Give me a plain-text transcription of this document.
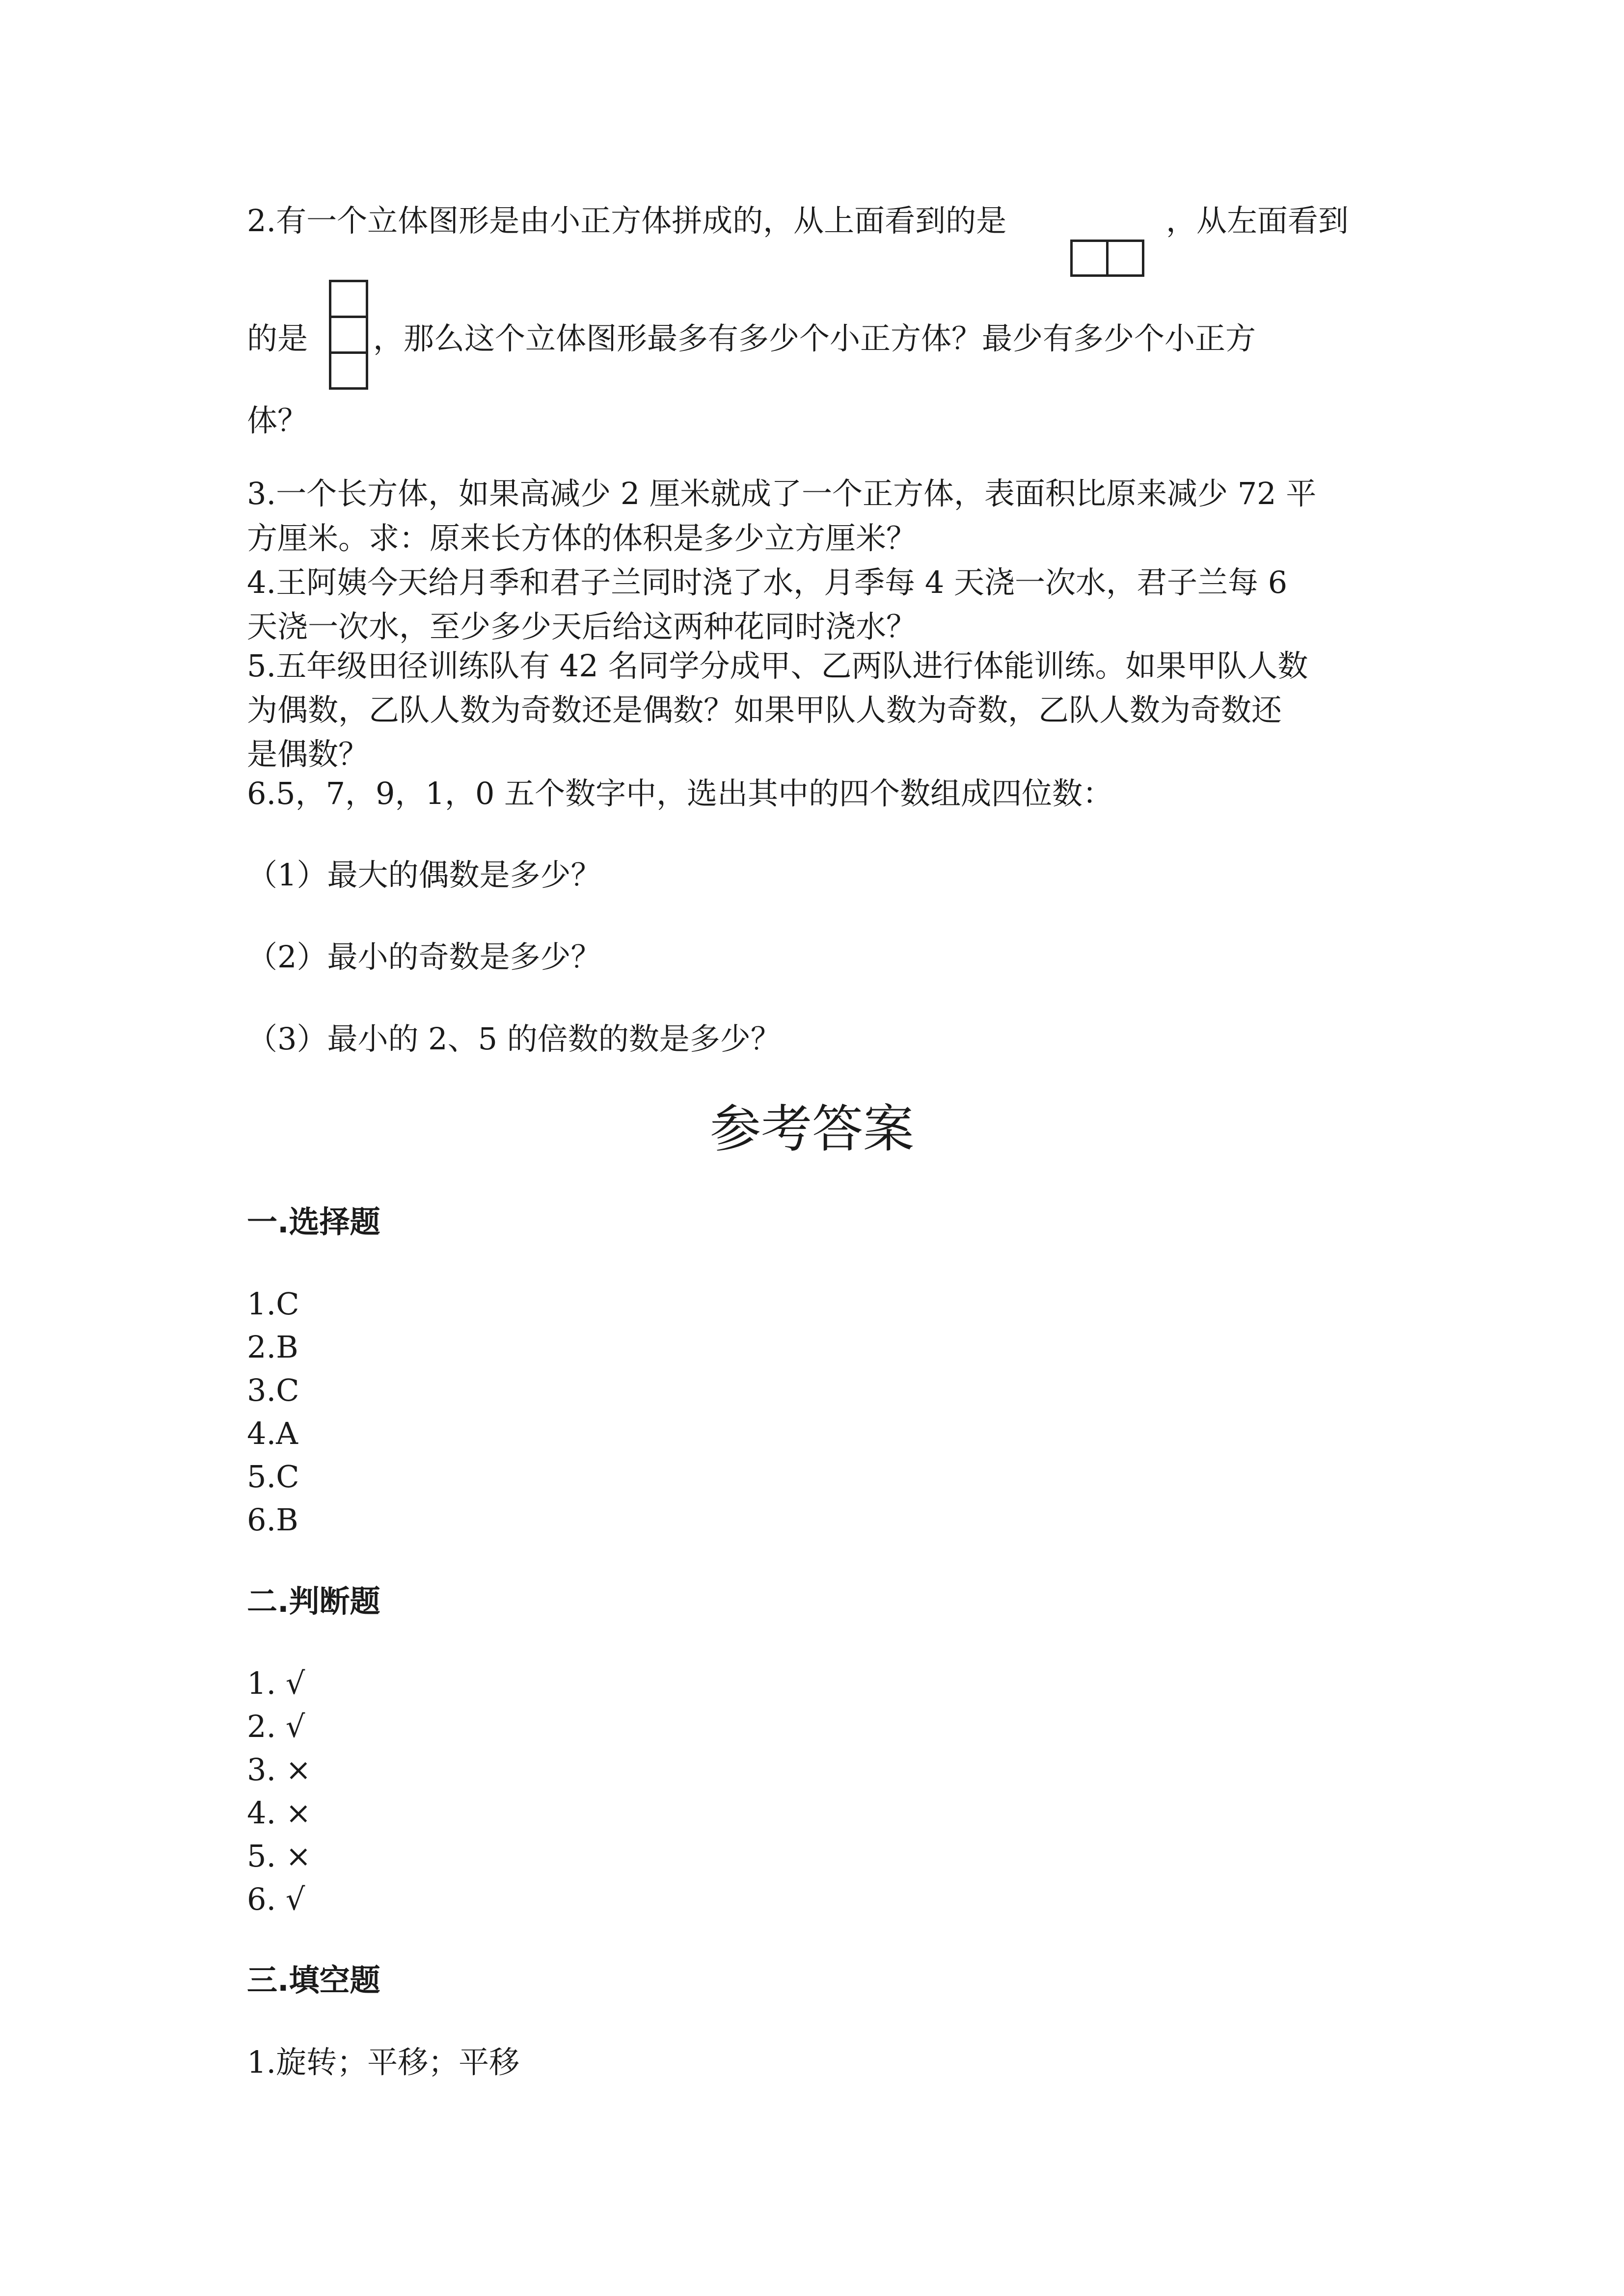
2.有一个立体图形是由小正方体拼成的，从上面看到的是	，从左面看到
的是 ，那么这个立体图形最多有多少个小正方体？最少有多少个小正方
体？
3.一个长方体，如果高减少 2 厘米就成了一个正方体，表面积比原来减少 72 平
方厘米。求：原来长方体的体积是多少立方厘米？
4.王阿姨今天给月季和君子兰同时浇了水，月季每 4 天浇一次水，君子兰每 6
天浇一次水，至少多少天后给这两种花同时浇水？
5.五年级田径训练队有 42 名同学分成甲、乙两队进行体能训练。如果甲队人数
为偶数，乙队人数为奇数还是偶数？如果甲队人数为奇数，乙队人数为奇数还
是偶数？
6.5，7，9，1，0 五个数字中，选出其中的四个数组成四位数：
（1）最大的偶数是多少？
（2）最小的奇数是多少？
（3）最小的 2、5 的倍数的数是多少？
参考答案
一.选择题
1.C
2.B
3.C
4.A
5.C
6.B
二.判断题
1. √
2. √
3. ×
4. ×
5. ×
6. √
三.填空题
1.旋转；平移；平移
